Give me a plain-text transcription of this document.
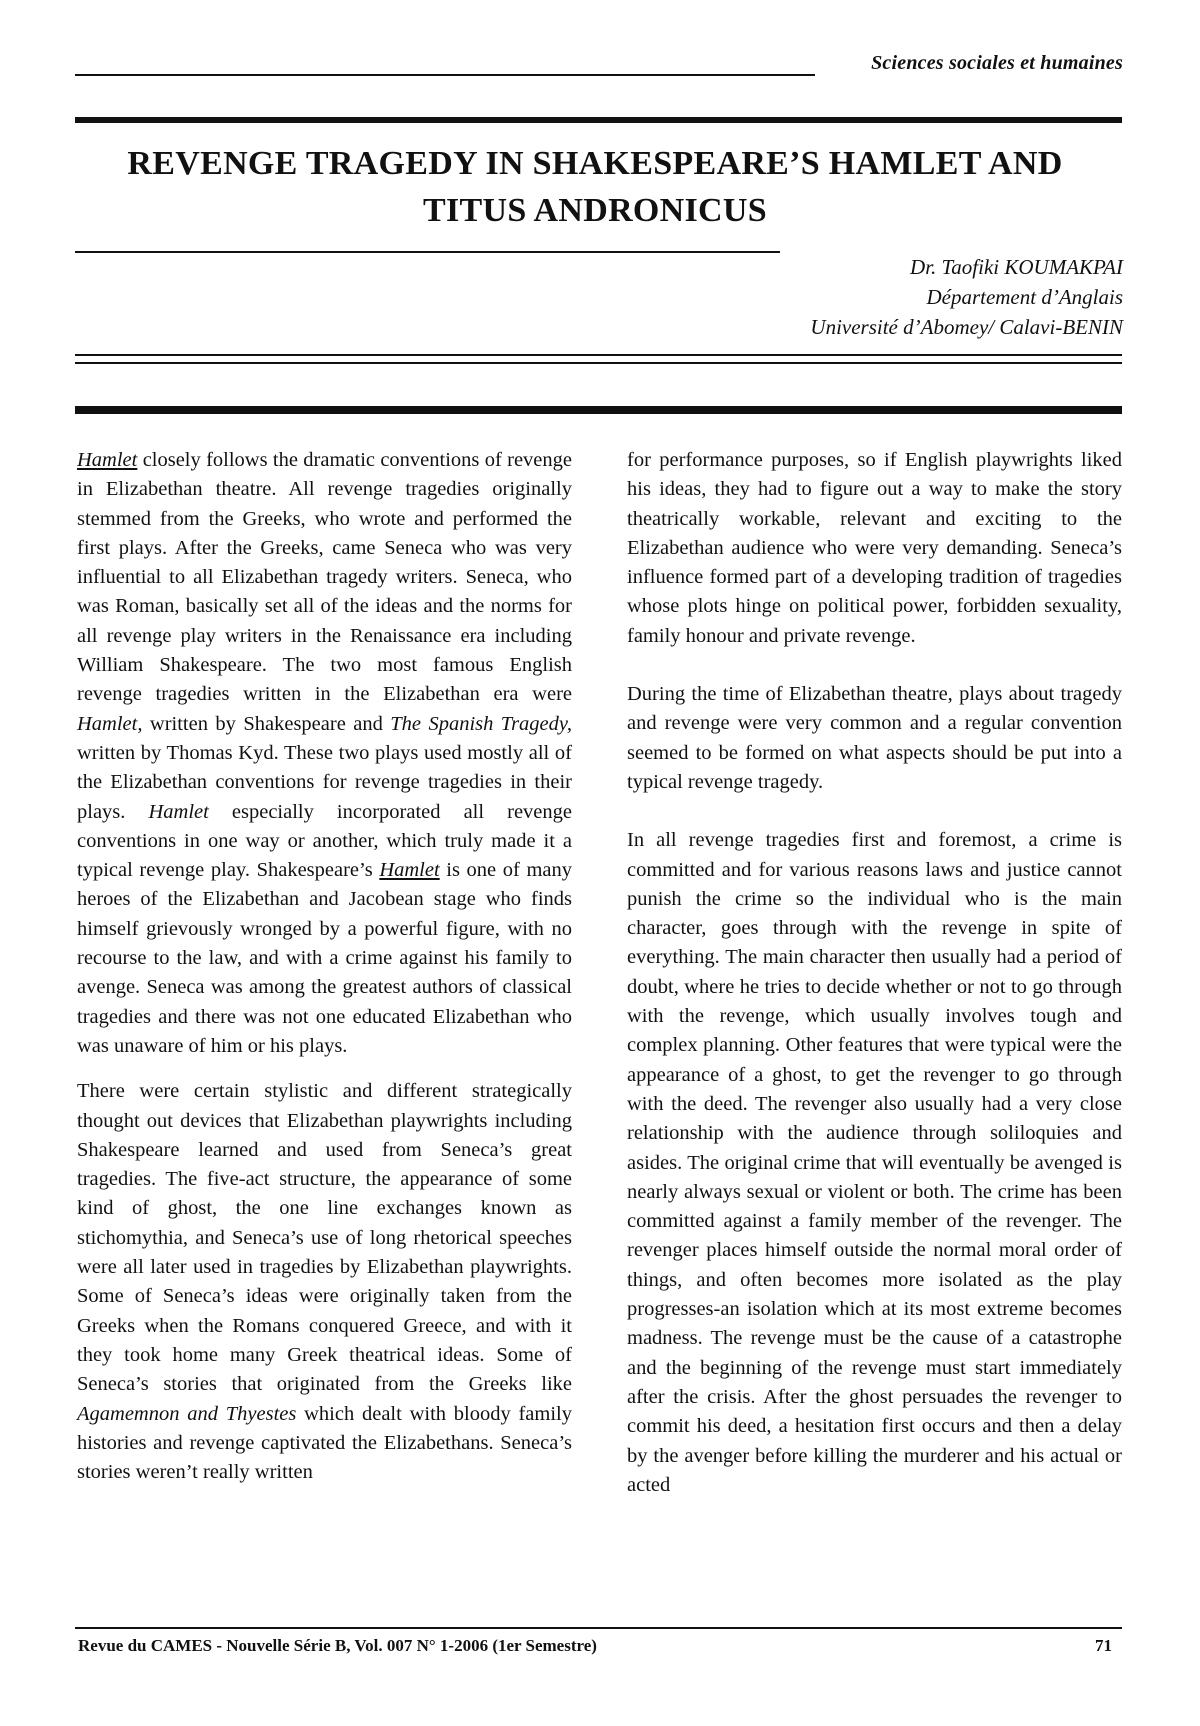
Sciences sociales et humaines
REVENGE TRAGEDY IN SHAKESPEARE’S HAMLET AND
TITUS ANDRONICUS
Dr. Taofiki KOUMAKPAI
Département d’Anglais
Université d’Abomey/ Calavi-BENIN

Hamlet closely follows the dramatic conventions of revenge in Elizabethan theatre. All revenge tragedies originally stemmed from the Greeks, who wrote and performed the first plays. After the Greeks, came Seneca who was very influential to all Elizabethan tragedy writers. Seneca, who was Roman, basically set all of the ideas and the norms for all revenge play writers in the Renaissance era including William Shakespeare. The two most famous English revenge tragedies written in the Elizabethan era were Hamlet, written by Shakespeare and The Spanish Tragedy, written by Thomas Kyd. These two plays used mostly all of the Elizabethan conventions for revenge tragedies in their plays. Hamlet especially incorporated all revenge conventions in one way or another, which truly made it a typical revenge play. Shakespeare’s Hamlet is one of many heroes of the Elizabethan and Jacobean stage who finds himself grievously wronged by a powerful figure, with no recourse to the law, and with a crime against his family to avenge. Seneca was among the greatest authors of classical tragedies and there was not one educated Elizabethan who was unaware of him or his plays.

There were certain stylistic and different strategically thought out devices that Elizabethan playwrights including Shakespeare learned and used from Seneca’s great tragedies. The five-act structure, the appearance of some kind of ghost, the one line exchanges known as stichomythia, and Seneca’s use of long rhetorical speeches were all later used in tragedies by Elizabethan playwrights. Some of Seneca’s ideas were originally taken from the Greeks when the Romans conquered Greece, and with it they took home many Greek theatrical ideas. Some of Seneca’s stories that originated from the Greeks like Agamemnon and Thyestes which dealt with bloody family histories and revenge captivated the Elizabethans. Seneca’s stories weren’t really written

for performance purposes, so if English playwrights liked his ideas, they had to figure out a way to make the story theatrically workable, relevant and exciting to the Elizabethan audience who were very demanding. Seneca’s influence formed part of a developing tradition of tragedies whose plots hinge on political power, forbidden sexuality, family honour and private revenge.

During the time of Elizabethan theatre, plays about tragedy and revenge were very common and a regular convention seemed to be formed on what aspects should be put into a typical revenge tragedy.

In all revenge tragedies first and foremost, a crime is committed and for various reasons laws and justice cannot punish the crime so the individual who is the main character, goes through with the revenge in spite of everything. The main character then usually had a period of doubt, where he tries to decide whether or not to go through with the revenge, which usually involves tough and complex planning. Other features that were typical were the appearance of a ghost, to get the revenger to go through with the deed. The revenger also usually had a very close relationship with the audience through soliloquies and asides. The original crime that will eventually be avenged is nearly always sexual or violent or both. The crime has been committed against a family member of the revenger. The revenger places himself outside the normal moral order of things, and often becomes more isolated as the play progresses-an isolation which at its most extreme becomes madness. The revenge must be the cause of a catastrophe and the beginning of the revenge must start immediately after the crisis. After the ghost persuades the revenger to commit his deed, a hesitation first occurs and then a delay by the avenger before killing the murderer and his actual or acted

Revue du CAMES - Nouvelle Série B, Vol. 007 N° 1-2006 (1er Semestre)	71
